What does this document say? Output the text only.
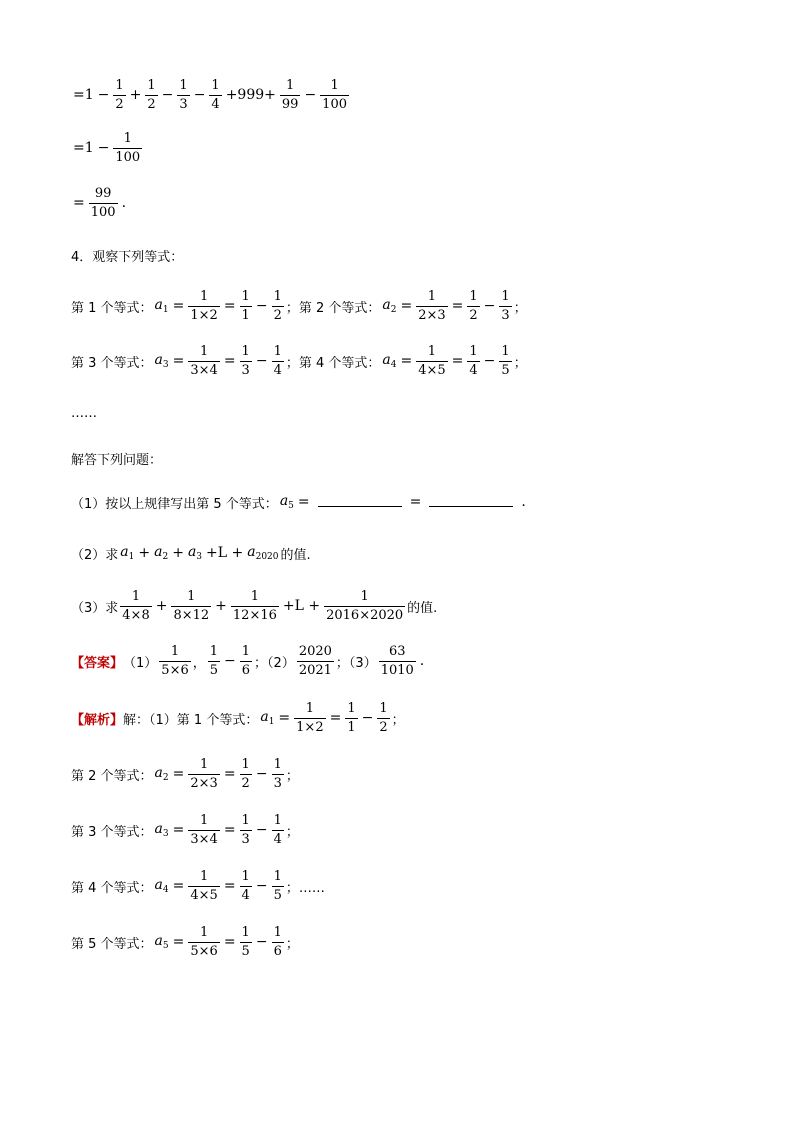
$=1 - \frac{1}{2} + \frac{1}{2} - \frac{1}{3} - \frac{1}{4} +999+ \frac{1}{99} - \frac{1}{100}$
$=1 - \frac{1}{100}$
= $\frac{99}{100}$ .
4．观察下列等式：
第 1 个等式： $a_1 = \frac{1}{1\times 2} = \frac{1}{1} - \frac{1}{2}$ ；第 2 个等式： $a_2 = \frac{1}{2\times 3} = \frac{1}{2} - \frac{1}{3}$ ；
第 3 个等式： $a_3 = \frac{1}{3\times 4} = \frac{1}{3} - \frac{1}{4}$ ；第 4 个等式： $a_4 = \frac{1}{4\times 5} = \frac{1}{4} - \frac{1}{5}$ ；
……
解答下列问题：
（1）按以上规律写出第 5 个等式： $a_5$ =	=	.
（2）求 $a_1 + a_2 + a_3 +L + a_{2020}$ 的值.
（3）求 $\frac{1}{4\times 8} + \frac{1}{8\times 12} + \frac{1}{12\times 16} +L + \frac{1}{2016\times 2020}$ 的值.
【答案】 $(1) \frac{1}{5\times 6}$ ， $\frac{1}{5} - \frac{1}{6}$ ；$(2) \frac{2020}{2021}$ ；$(3) \frac{63}{1010}$ .
【解析】 解：（1）第 1 个等式： $a_1 = \frac{1}{1\times 2} = \frac{1}{1} - \frac{1}{2}$ ；
第 2 个等式： $a_2 = \frac{1}{2\times 3} = \frac{1}{2} - \frac{1}{3}$ ；
第 3 个等式： $a_3 = \frac{1}{3\times 4} = \frac{1}{3} - \frac{1}{4}$ ；
第 4 个等式： $a_4 = \frac{1}{4\times 5} = \frac{1}{4} - \frac{1}{5}$ ；……
第 5 个等式： $a_5 = \frac{1}{5\times 6} = \frac{1}{5} - \frac{1}{6}$ ；
